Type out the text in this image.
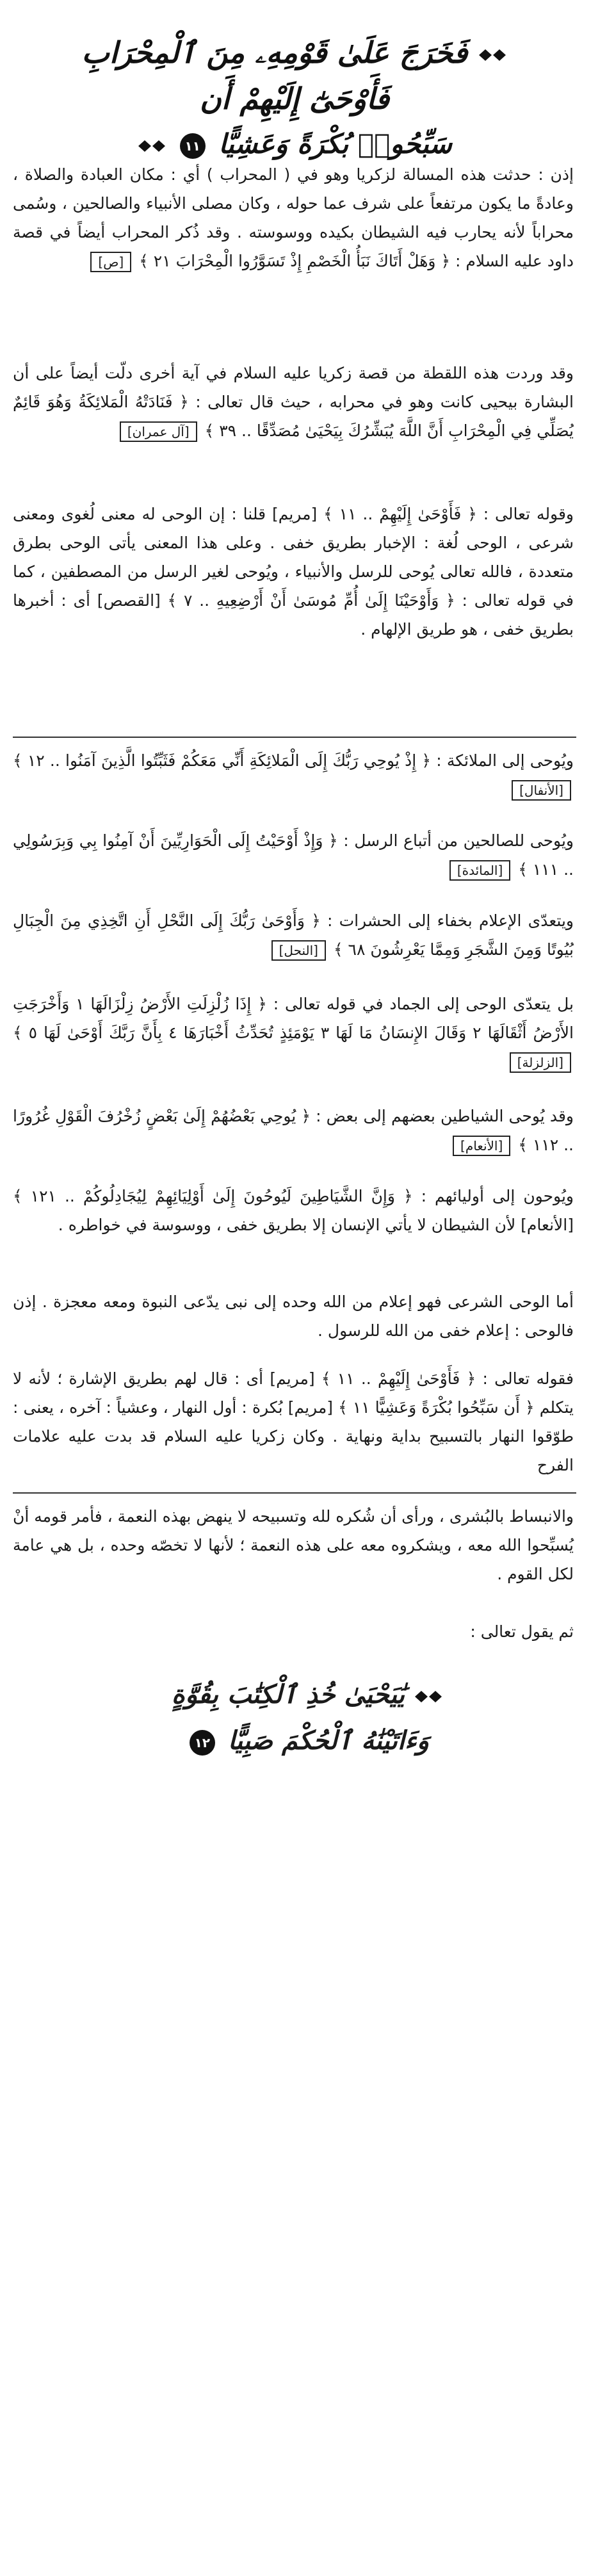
فَخَرَجَ عَلَىٰ قَوْمِهِۦ مِنَ ٱلْمِحْرَابِ فَأَوْحَىٰٓ إِلَيْهِمْ أَن
سَبِّحُوا۟ بُكْرَةً وَعَشِيًّا ١١

إذن : حدثت هذه المسالة لزكريا وهو في ( المحراب ) أي : مكان العبادة والصلاة ، وعادةً ما يكون مرتفعاً على شرف عما حوله ، وكان مصلى الأنبياء والصالحين ، وسُمى محراباً لأنه يحارب فيه الشيطان بكيده ووسوسته . وقد ذُكر المحراب أيضاً في قصة داود عليه السلام : ﴿ وَهَلْ أَتَاكَ نَبَأُ الْخَصْمِ إِذْ تَسَوَّرُوا الْمِحْرَابَ ٢١ ﴾ [ص]

وقد وردت هذه اللقطة من قصة زكريا عليه السلام في آية أخرى دلّت أيضاً على أن البشارة بيحيى كانت وهو في محرابه ، حيث قال تعالى : ﴿ فَنَادَتْهُ الْمَلائِكَةُ وَهُوَ قَائِمٌ يُصَلِّي فِي الْمِحْرَابِ أَنَّ اللَّهَ يُبَشِّرُكَ بِيَحْيَىٰ مُصَدِّقًا .. ٣٩ ﴾ [آل عمران]

وقوله تعالى : ﴿ فَأَوْحَىٰ إِلَيْهِمْ .. ١١ ﴾ [مريم] قلنا : إن الوحى له معنى لُغوى ومعنى شرعى ، الوحى لُغة : الإخبار بطريق خفى . وعلى هذا المعنى يأتى الوحى بطرق متعددة ، فالله تعالى يُوحى للرسل والأنبياء ، ويُوحى لغير الرسل من المصطفين ، كما في قوله تعالى : ﴿ وَأَوْحَيْنَا إِلَىٰ أُمِّ مُوسَىٰ أَنْ أَرْضِعِيهِ .. ٧ ﴾ [القصص] أى : أخبرها بطريق خفى ، هو طريق الإلهام .

ويُوحى إلى الملائكة : ﴿ إِذْ يُوحِي رَبُّكَ إِلَى الْمَلائِكَةِ أَنِّي مَعَكُمْ فَثَبِّتُوا الَّذِينَ آمَنُوا .. ١٢ ﴾ [الأنفال]

ويُوحى للصالحين من أتباع الرسل : ﴿ وَإِذْ أَوْحَيْتُ إِلَى الْحَوَارِيِّينَ أَنْ آمِنُوا بِي وَبِرَسُولِي .. ١١١ ﴾ [المائدة]

ويتعدّى الإعلام بخفاء إلى الحشرات : ﴿ وَأَوْحَىٰ رَبُّكَ إِلَى النَّحْلِ أَنِ اتَّخِذِي مِنَ الْجِبَالِ بُيُوتًا وَمِنَ الشَّجَرِ وَمِمَّا يَعْرِشُونَ ٦٨ ﴾ [النحل]

بل يتعدّى الوحى إلى الجماد في قوله تعالى : ﴿ إِذَا زُلْزِلَتِ الأَرْضُ زِلْزَالَهَا ١ وَأَخْرَجَتِ الأَرْضُ أَثْقَالَهَا ٢ وَقَالَ الإِنسَانُ مَا لَهَا ٣ يَوْمَئِذٍ تُحَدِّثُ أَخْبَارَهَا ٤ بِأَنَّ رَبَّكَ أَوْحَىٰ لَهَا ٥ ﴾ [الزلزلة]

وقد يُوحى الشياطين بعضهم إلى بعض : ﴿ يُوحِي بَعْضُهُمْ إِلَىٰ بَعْضٍ زُخْرُفَ الْقَوْلِ غُرُورًا .. ١١٢ ﴾ [الأنعام]

ويُوحون إلى أوليائهم : ﴿ وَإِنَّ الشَّيَاطِينَ لَيُوحُونَ إِلَىٰ أَوْلِيَائِهِمْ لِيُجَادِلُوكُمْ .. ١٢١ ﴾ [الأنعام] لأن الشيطان لا يأتي الإنسان إلا بطريق خفى ، ووسوسة في خواطره .

أما الوحى الشرعى فهو إعلام من الله وحده إلى نبى يدّعى النبوة ومعه معجزة . إذن فالوحى : إعلام خفى من الله للرسول .

فقوله تعالى : ﴿ فَأَوْحَىٰ إِلَيْهِمْ .. ١١ ﴾ [مريم] أى : قال لهم بطريق الإشارة ؛ لأنه لا يتكلم ﴿ أَن سَبِّحُوا بُكْرَةً وَعَشِيًّا ١١ ﴾ [مريم] بُكرة : أول النهار ، وعشياً : آخره ، يعنى : طوّقوا النهار بالتسبيح بداية ونهاية . وكان زكريا عليه السلام قد بدت عليه علامات الفرح

والانبساط بالبُشرى ، ورأى أن شُكره لله وتسبيحه لا ينهض بهذه النعمة ، فأمر قومه أنْ يُسبِّحوا الله معه ، ويشكروه معه على هذه النعمة ؛ لأنها لا تخصّه وحده ، بل هي عامة لكل القوم .

ثم يقول تعالى :

يَٰيَحْيَىٰ خُذِ ٱلْكِتَٰبَ بِقُوَّةٍ
وَءَاتَيْنَٰهُ ٱلْحُكْمَ صَبِيًّا ١٢
